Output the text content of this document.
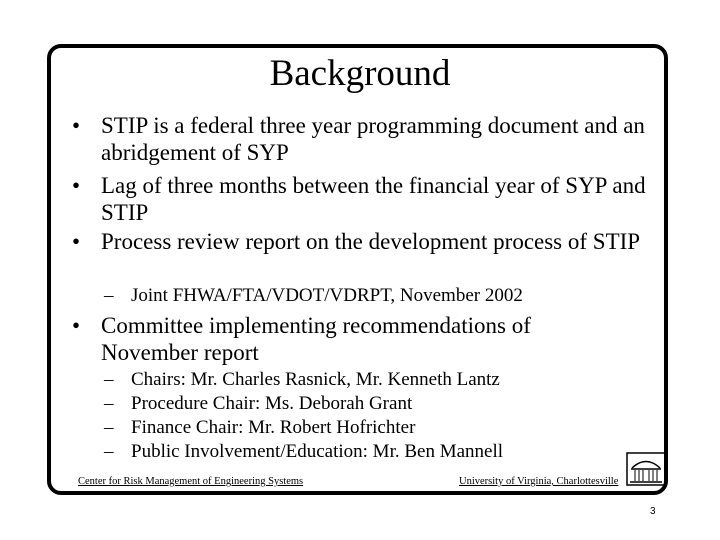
Background
• STIP is a federal three year programming document and an abridgement of SYP
• Lag of three months between the financial year of SYP and STIP
• Process review report on the development process of STIP
– Joint FHWA/FTA/VDOT/VDRPT, November 2002
• Committee implementing recommendations of November report
– Chairs: Mr. Charles Rasnick, Mr. Kenneth Lantz
– Procedure Chair: Ms. Deborah Grant
– Finance Chair: Mr. Robert Hofrichter
– Public Involvement/Education: Mr. Ben Mannell
Center for Risk Management of Engineering Systems	University of Virginia, Charlottesville
3
